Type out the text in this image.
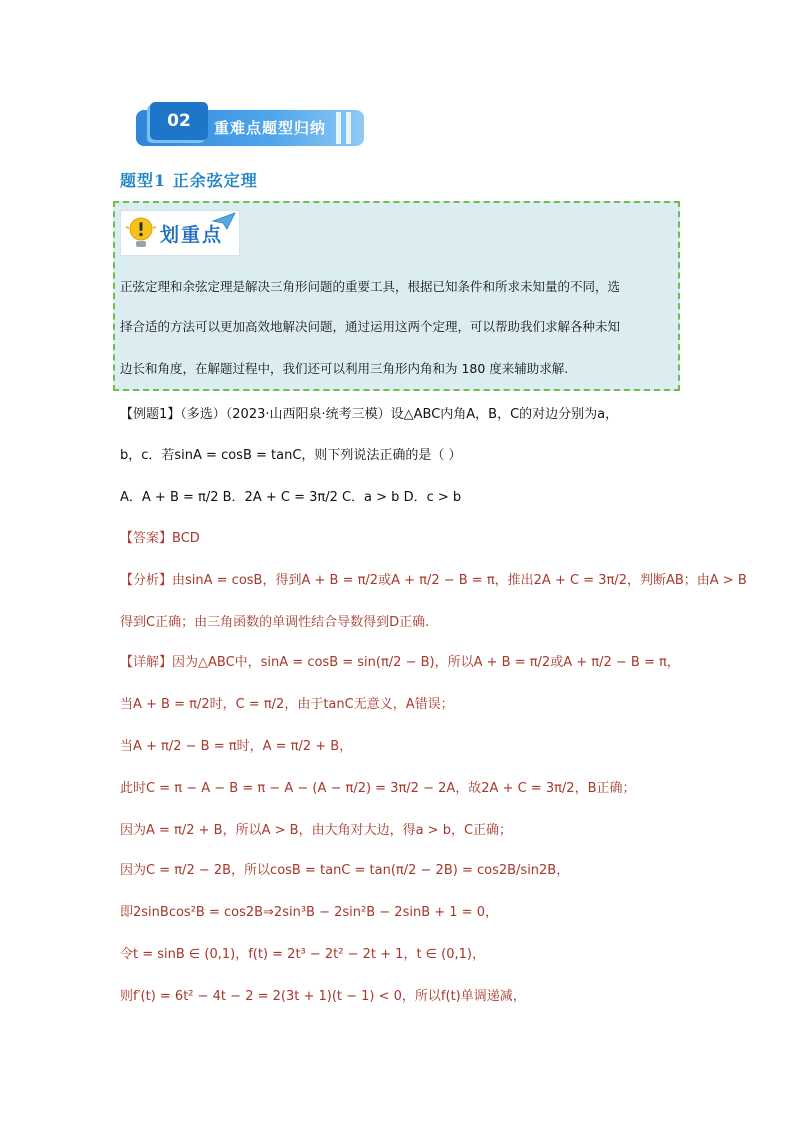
02	重难点题型归纳
题型1 正余弦定理
划重点
正弦定理和余弦定理是解决三角形问题的重要工具，根据已知条件和所求未知量的不同，选
择合适的方法可以更加高效地解决问题，通过运用这两个定理，可以帮助我们求解各种未知
边长和角度，在解题过程中，我们还可以利用三角形内角和为 180 度来辅助求解.
【例题1】（多选）（2023·山西阳泉·统考三模）设△ABC内角A，B，C的对边分别为a，
b，c．若sinA = cosB = tanC，则下列说法正确的是（ ）
A．A + B = π/2 B．2A + C = 3π/2 C．a > b D．c > b
【答案】BCD
【分析】由sinA = cosB，得到A + B = π/2或A + π/2 − B = π，推出2A + C = 3π/2，判断AB；由A > B
得到C正确；由三角函数的单调性结合导数得到D正确.
【详解】因为△ABC中，sinA = cosB = sin(π/2 − B)，所以A + B = π/2或A + π/2 − B = π，
当A + B = π/2时，C = π/2，由于tanC无意义，A错误；
当A + π/2 − B = π时，A = π/2 + B，
此时C = π − A − B = π − A − (A − π/2) = 3π/2 − 2A，故2A + C = 3π/2，B正确；
因为A = π/2 + B，所以A > B，由大角对大边，得a > b，C正确；
因为C = π/2 − 2B，所以cosB = tanC = tan(π/2 − 2B) = cos2B/sin2B，
即2sinBcos²B = cos2B⇒2sin³B − 2sin²B − 2sinB + 1 = 0，
令t = sinB ∈ (0,1)，f(t) = 2t³ − 2t² − 2t + 1，t ∈ (0,1)，
则f′(t) = 6t² − 4t − 2 = 2(3t + 1)(t − 1) < 0，所以f(t)单调递减，
